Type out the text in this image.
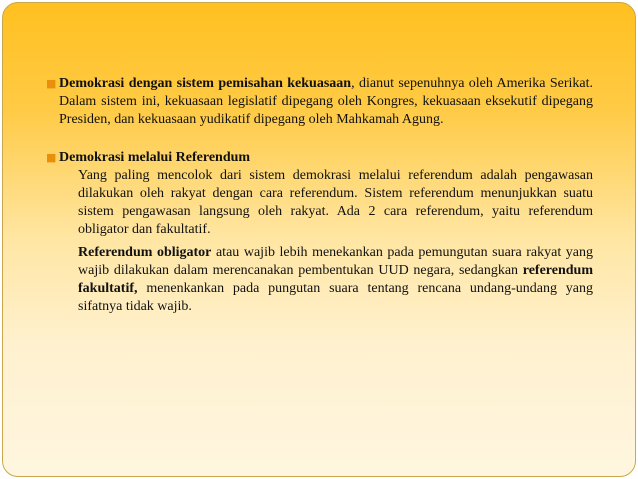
■ Demokrasi dengan sistem pemisahan kekuasaan, dianut sepenuhnya oleh Amerika Serikat. Dalam sistem ini, kekuasaan legislatif dipegang oleh Kongres, kekuasaan eksekutif dipegang Presiden, dan kekuasaan yudikatif dipegang oleh Mahkamah Agung.

■ Demokrasi melalui Referendum

Yang paling mencolok dari sistem demokrasi melalui referendum adalah pengawasan dilakukan oleh rakyat dengan cara referendum. Sistem referendum menunjukkan suatu sistem pengawasan langsung oleh rakyat. Ada 2 cara referendum, yaitu referendum obligator dan fakultatif.

Referendum obligator atau wajib lebih menekankan pada pemungutan suara rakyat yang wajib dilakukan dalam merencanakan pembentukan UUD negara, sedangkan referendum fakultatif, menenkankan pada pungutan suara tentang rencana undang-undang yang sifatnya tidak wajib.
